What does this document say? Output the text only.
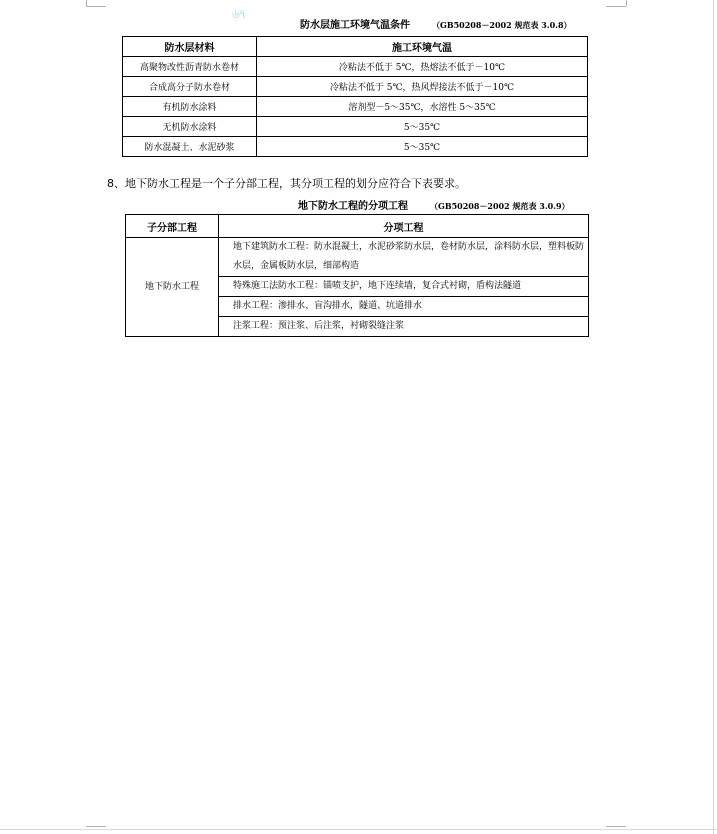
৬৭
防水层施工环境气温条件	（GB50208－2002 规范表 3.0.8）
防水层材料	施工环境气温
高聚物改性沥青防水卷材	冷粘法不低于 5℃，热熔法不低于－10℃
合成高分子防水卷材	冷粘法不低于 5℃，热风焊接法不低于－10℃
有机防水涂料	溶剂型－5～35℃，水溶性 5～35℃
无机防水涂料	5～35℃
防水混凝土、水泥砂浆	5～35℃
8、地下防水工程是一个子分部工程，其分项工程的划分应符合下表要求。
地下防水工程的分项工程	（GB50208－2002 规范表 3.0.9）
子分部工程	分项工程
地下防水工程	地下建筑防水工程：防水混凝土，水泥砂浆防水层，卷材防水层，涂料防水层，塑料板防水层，金属板防水层，细部构造
	特殊施工法防水工程：锚喷支护，地下连续墙，复合式衬砌，盾构法隧道
	排水工程：渗排水、盲沟排水，隧道、坑道排水
	注浆工程：预注浆、后注浆，衬砌裂缝注浆
